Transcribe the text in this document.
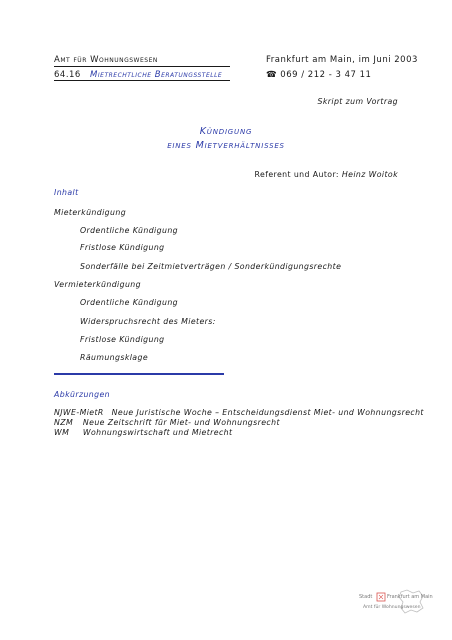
Amt für Wohnungswesen
64.16 Mietrechtliche Beratungsstelle
Frankfurt am Main, im Juni 2003
☎ 069 / 212 - 3 47 11
Skript zum Vortrag
Kündigung
eines Mietverhältnisses
Referent und Autor: Heinz Woitok
Inhalt
Mieterkündigung
Ordentliche Kündigung
Fristlose Kündigung
Sonderfälle bei Zeitmietverträgen / Sonderkündigungsrechte
Vermieterkündigung
Ordentliche Kündigung
Widerspruchsrecht des Mieters:
Fristlose Kündigung
Räumungsklage
Abkürzungen
NJWE-MietR Neue Juristische Woche – Entscheidungsdienst Miet- und Wohnungsrecht
NZM Neue Zeitschrift für Miet- und Wohnungsrecht
WM Wohnungswirtschaft und Mietrecht
Stadt	Frankfurt am Main
Amt für Wohnungswesen
